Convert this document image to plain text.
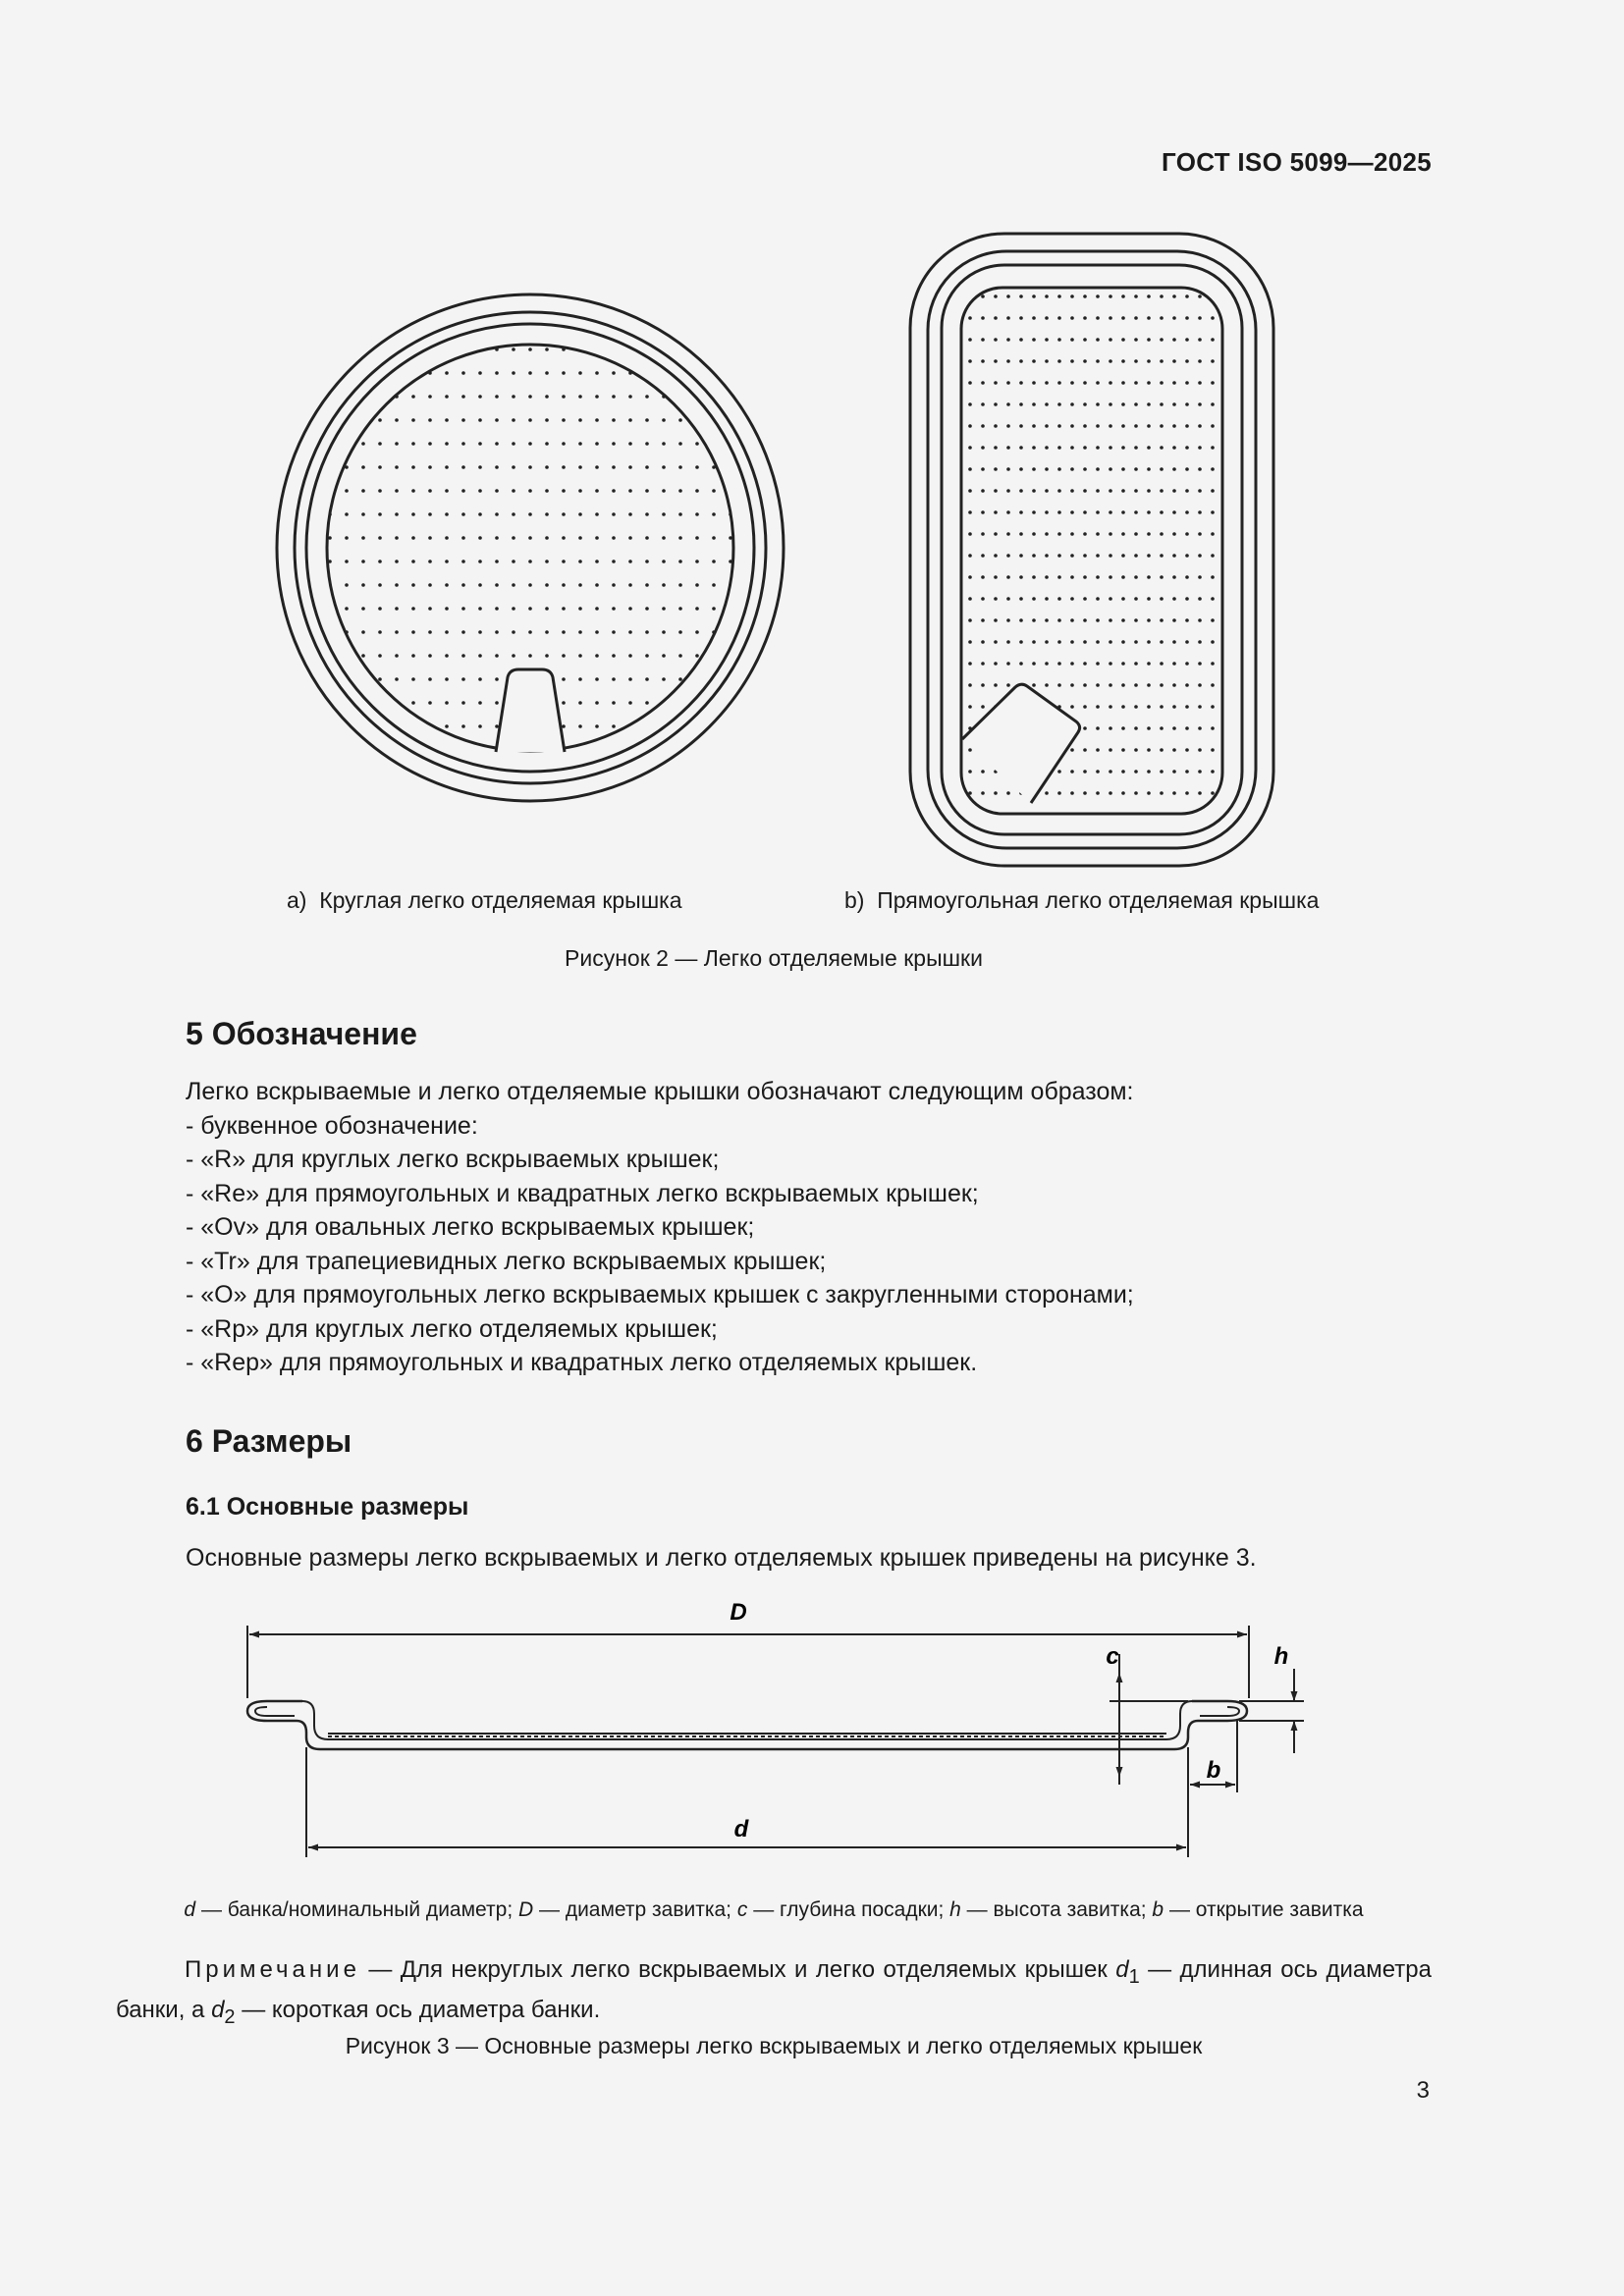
ГОСТ ISO 5099—2025
a) Круглая легко отделяемая крышка	b) Прямоугольная легко отделяемая крышка
Рисунок 2 — Легко отделяемые крышки
5 Обозначение

Легко вскрываемые и легко отделяемые крышки обозначают следующим образом:

- буквенное обозначение:

- «R» для круглых легко вскрываемых крышек;

- «Re» для прямоугольных и квадратных легко вскрываемых крышек;

- «Ov» для овальных легко вскрываемых крышек;

- «Tr» для трапециевидных легко вскрываемых крышек;

- «O» для прямоугольных легко вскрываемых крышек с закругленными сторонами;

- «Rp» для круглых легко отделяемых крышек;

- «Rep» для прямоугольных и квадратных легко отделяемых крышек.

6 Размеры
6.1 Основные размеры
Основные размеры легко вскрываемых и легко отделяемых крышек приведены на рисунке 3.
D
d
c	h
b
d — банка/номинальный диаметр; D — диаметр завитка; c — глубина посадки; h — высота завитка; b — открытие завитка
Примечание — Для некруглых легко вскрываемых и легко отделяемых крышек $d_1$ — длинная ось диаметра банки, а $d_2$ — короткая ось диаметра банки.
Рисунок 3 — Основные размеры легко вскрываемых и легко отделяемых крышек
3
